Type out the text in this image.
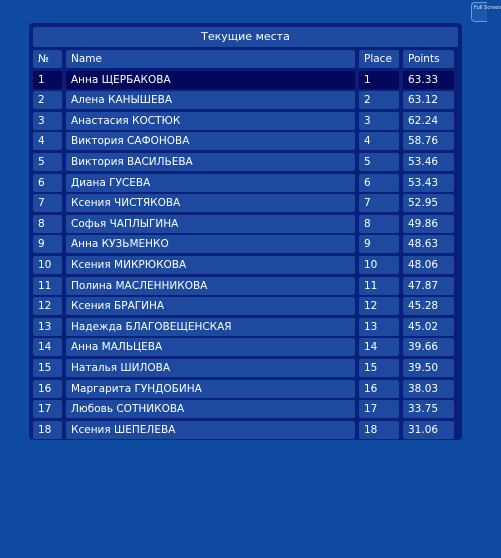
Full Screen
Текущие места
№	Name	Place	Points
1	Анна ЩЕРБАКОВА	1	63.33
2	Алена КАНЫШЕВА	2	63.12
3	Анастасия КОСТЮК	3	62.24
4	Виктория САФОНОВА	4	58.76
5	Виктория ВАСИЛЬЕВА	5	53.46
6	Диана ГУСЕВА	6	53.43
7	Ксения ЧИСТЯКОВА	7	52.95
8	Софья ЧАПЛЫГИНА	8	49.86
9	Анна КУЗЬМЕНКО	9	48.63
10	Ксения МИКРЮКОВА	10	48.06
11	Полина МАСЛЕННИКОВА	11	47.87
12	Ксения БРАГИНА	12	45.28
13	Надежда БЛАГОВЕЩЕНСКАЯ	13	45.02
14	Анна МАЛЬЦЕВА	14	39.66
15	Наталья ШИЛОВА	15	39.50
16	Маргарита ГУНДОБИНА	16	38.03
17	Любовь СОТНИКОВА	17	33.75
18	Ксения ШЕПЕЛЕВА	18	31.06
